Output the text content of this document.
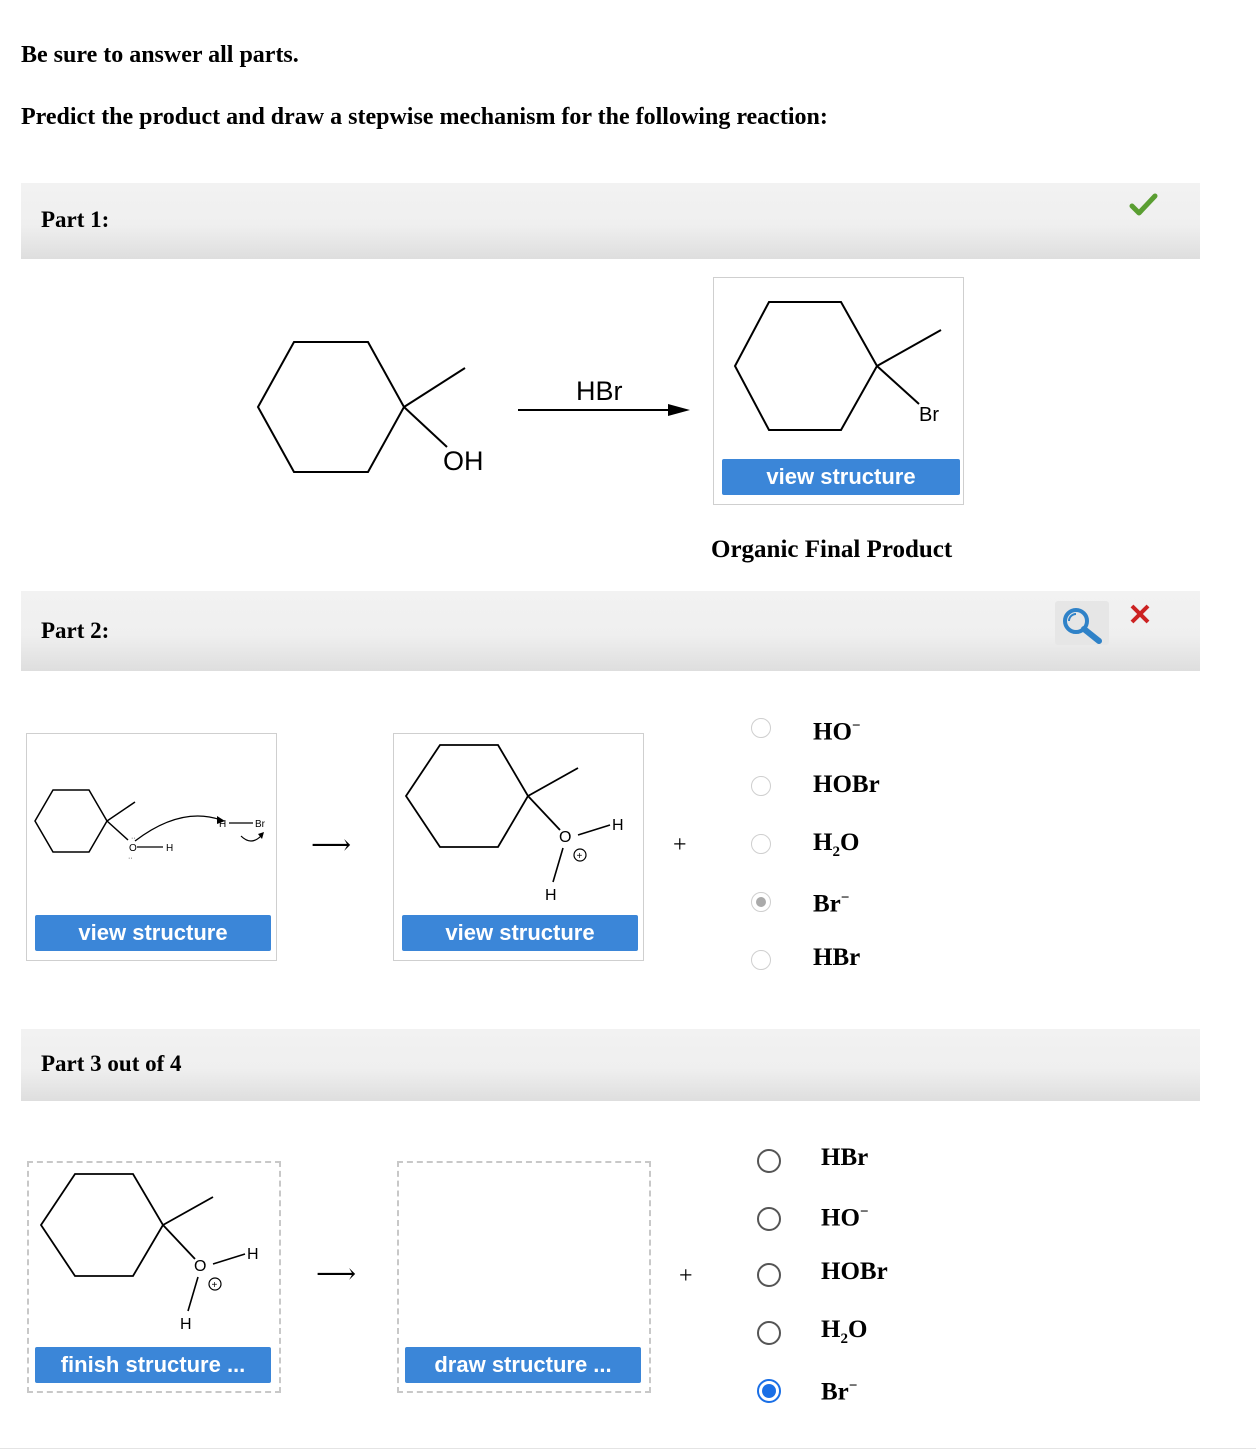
Be sure to answer all parts.
Predict the product and draw a stepwise mechanism for the following reaction:
Part 1:
OH
HBr
Br
view structure
Organic Final Product
Part 2:
··
··
O	H
H	Br
view structure
⟶	O
H
H
+
view structure
+
HO−
HOBr
$H_2O$
Br−
HBr
Part 3 out of 4
O
H
H
+
finish structure ...
⟶
draw structure ...
+
HBr
HO−
HOBr
$H_2O$
Br−
